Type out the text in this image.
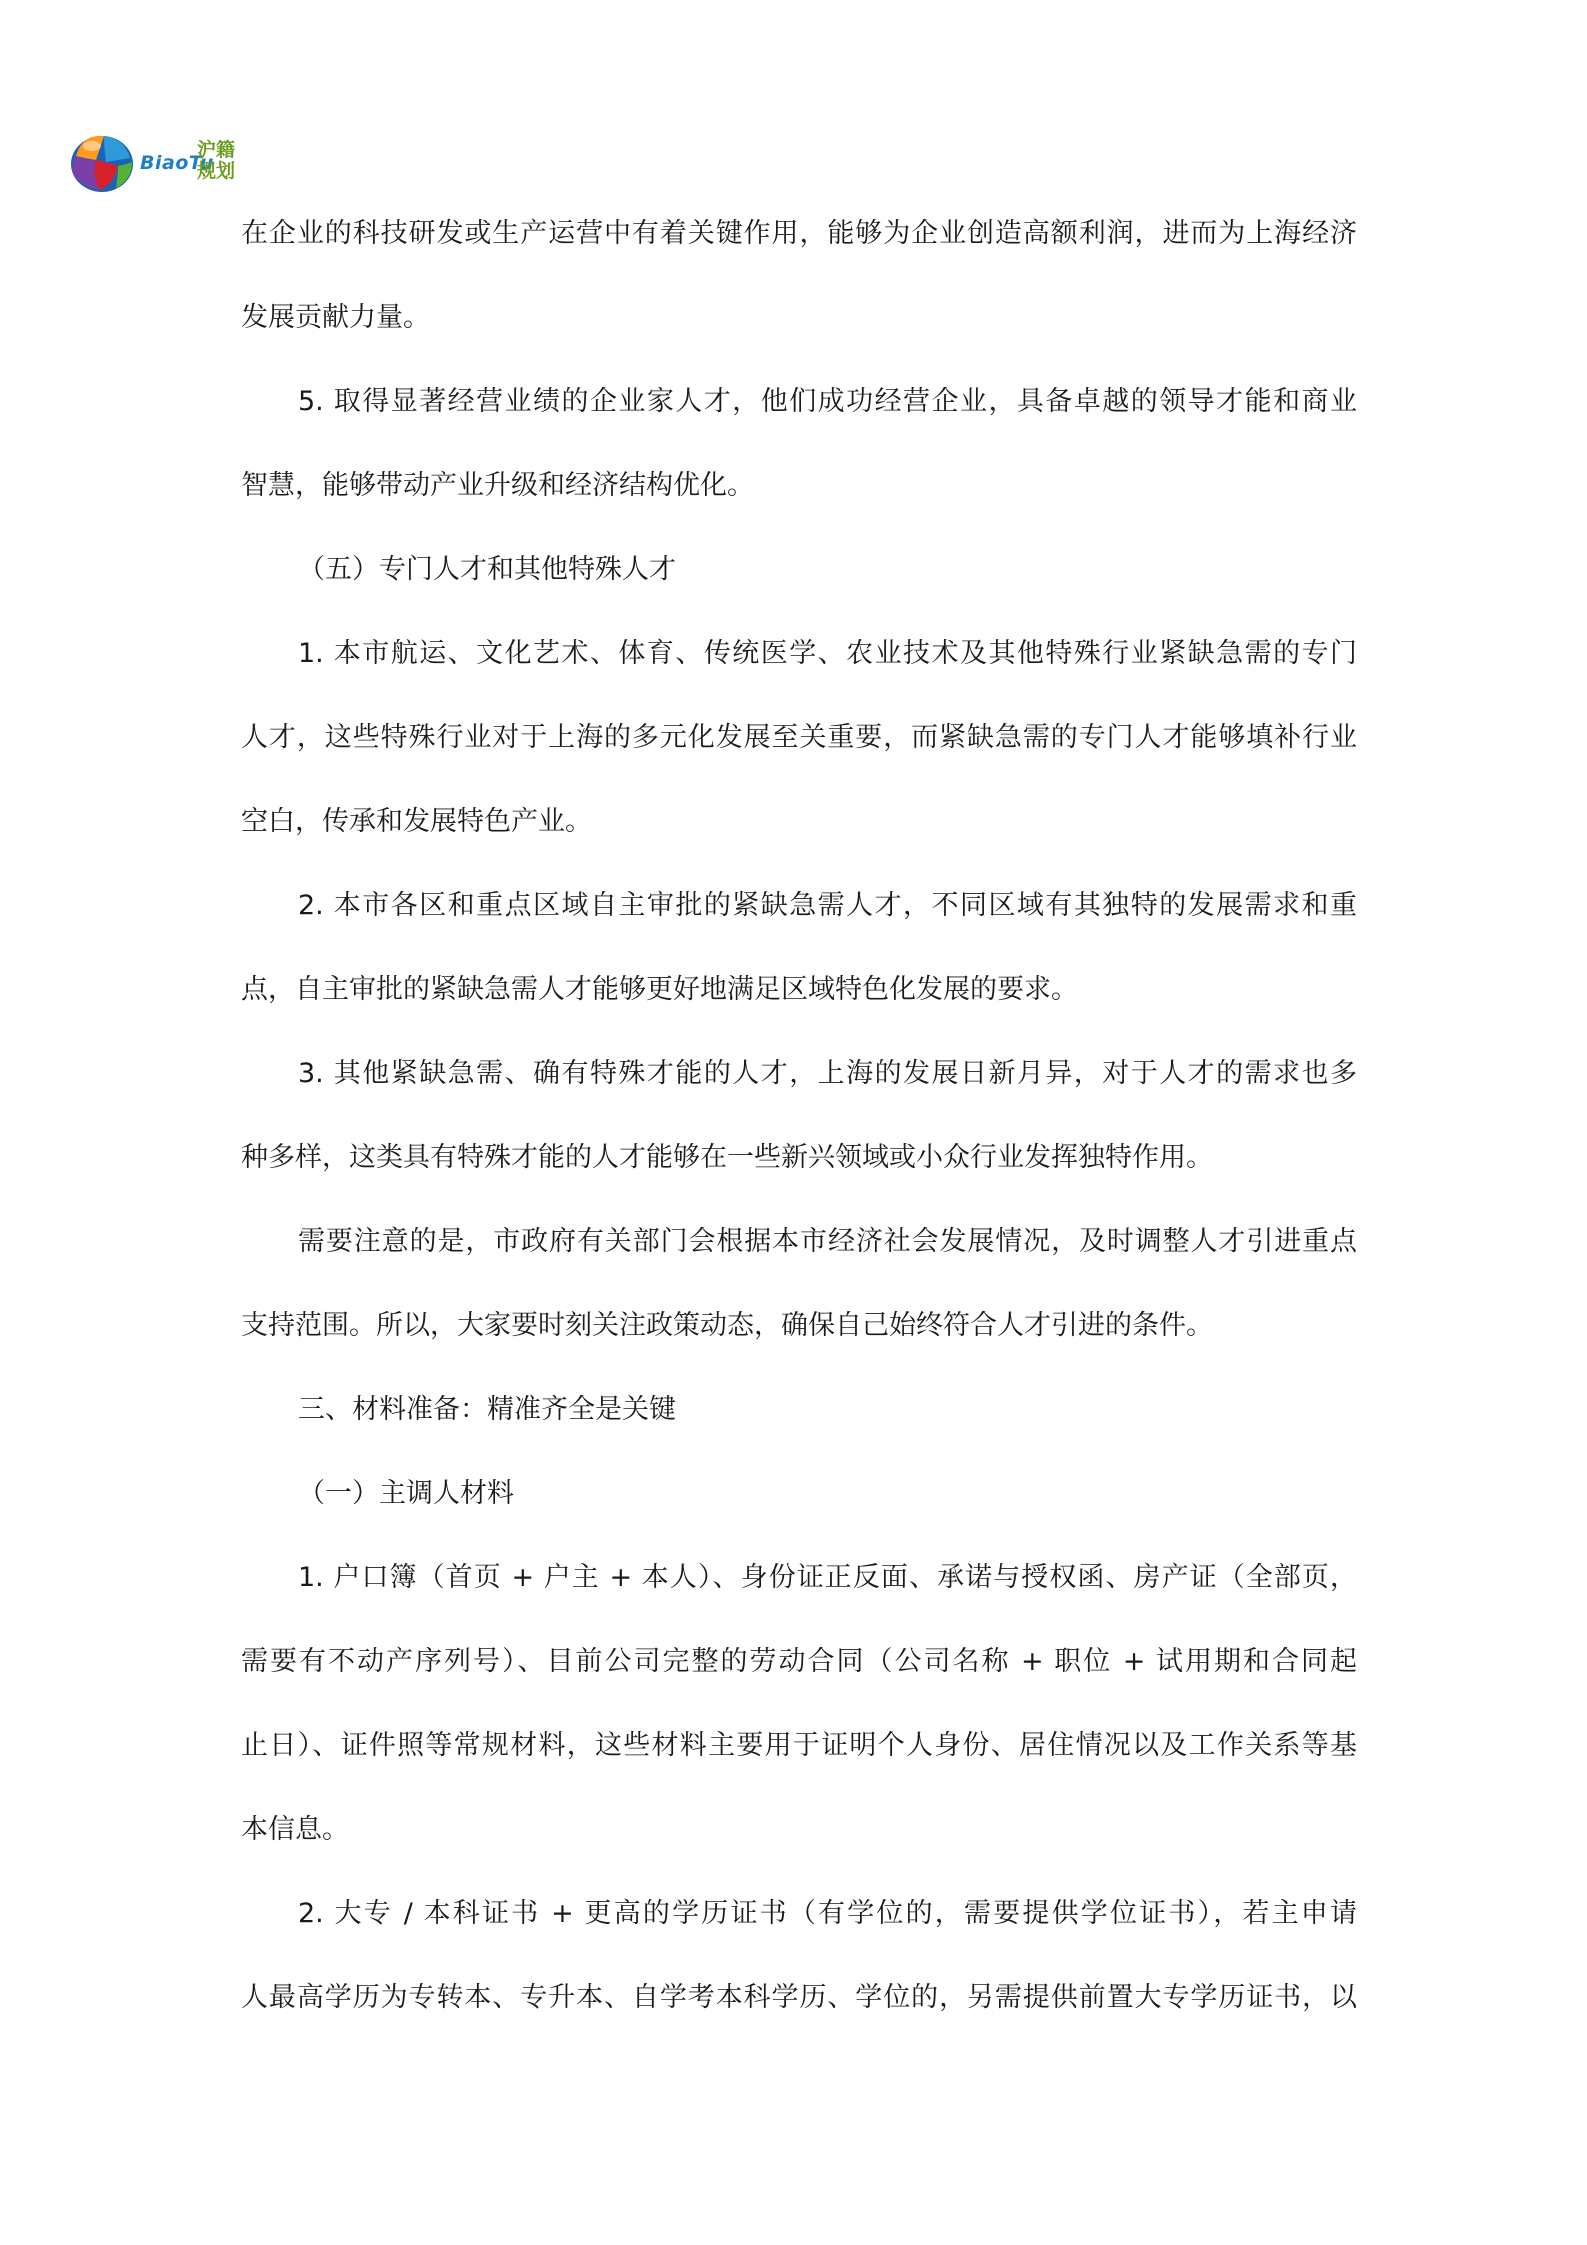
BiaoTu
沪籍
规划
在企业的科技研发或生产运营中有着关键作用，能够为企业创造高额利润，进而为上海经济
发展贡献力量。
5. 取得显著经营业绩的企业家人才，他们成功经营企业，具备卓越的领导才能和商业
智慧，能够带动产业升级和经济结构优化。
（五）专门人才和其他特殊人才
1. 本市航运、文化艺术、体育、传统医学、农业技术及其他特殊行业紧缺急需的专门
人才，这些特殊行业对于上海的多元化发展至关重要，而紧缺急需的专门人才能够填补行业
空白，传承和发展特色产业。
2. 本市各区和重点区域自主审批的紧缺急需人才，不同区域有其独特的发展需求和重
点，自主审批的紧缺急需人才能够更好地满足区域特色化发展的要求。
3. 其他紧缺急需、确有特殊才能的人才，上海的发展日新月异，对于人才的需求也多
种多样，这类具有特殊才能的人才能够在一些新兴领域或小众行业发挥独特作用。
需要注意的是，市政府有关部门会根据本市经济社会发展情况，及时调整人才引进重点
支持范围。所以，大家要时刻关注政策动态，确保自己始终符合人才引进的条件。
三、材料准备：精准齐全是关键
（一）主调人材料
1. 户口簿（首页 + 户主 + 本人）、身份证正反面、承诺与授权函、房产证（全部页，
需要有不动产序列号）、目前公司完整的劳动合同（公司名称 + 职位 + 试用期和合同起
止日）、证件照等常规材料，这些材料主要用于证明个人身份、居住情况以及工作关系等基
本信息。
2. 大专 / 本科证书 + 更高的学历证书（有学位的，需要提供学位证书），若主申请
人最高学历为专转本、专升本、自学考本科学历、学位的，另需提供前置大专学历证书，以
